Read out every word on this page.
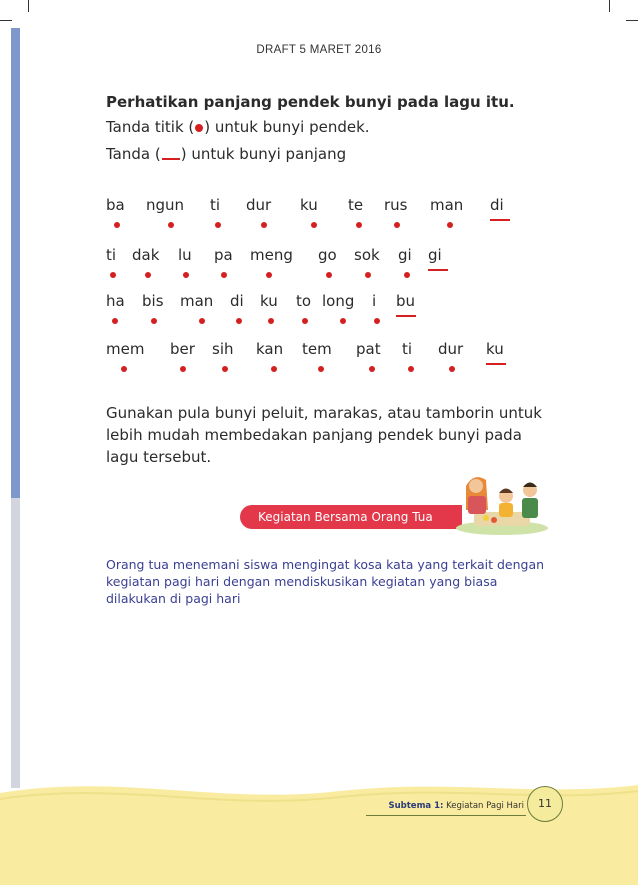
DRAFT 5 MARET 2016
Perhatikan panjang pendek bunyi pada lagu itu.
Tanda titik ( ) untuk bunyi pendek.
Tanda ( ) untuk bunyi panjang
ba ngun ti dur ku te rus man di
ti dak lu pa meng go sok gi gi
ha bis man di ku to long i bu
mem ber sih kan tem pat ti dur ku
Gunakan pula bunyi peluit, marakas, atau tamborin untuk lebih mudah membedakan panjang pendek bunyi pada lagu tersebut.
Kegiatan Bersama Orang Tua
Orang tua menemani siswa mengingat kosa kata yang terkait dengan kegiatan pagi hari dengan mendiskusikan kegiatan yang biasa dilakukan di pagi hari
Subtema 1: Kegiatan Pagi Hari	11
